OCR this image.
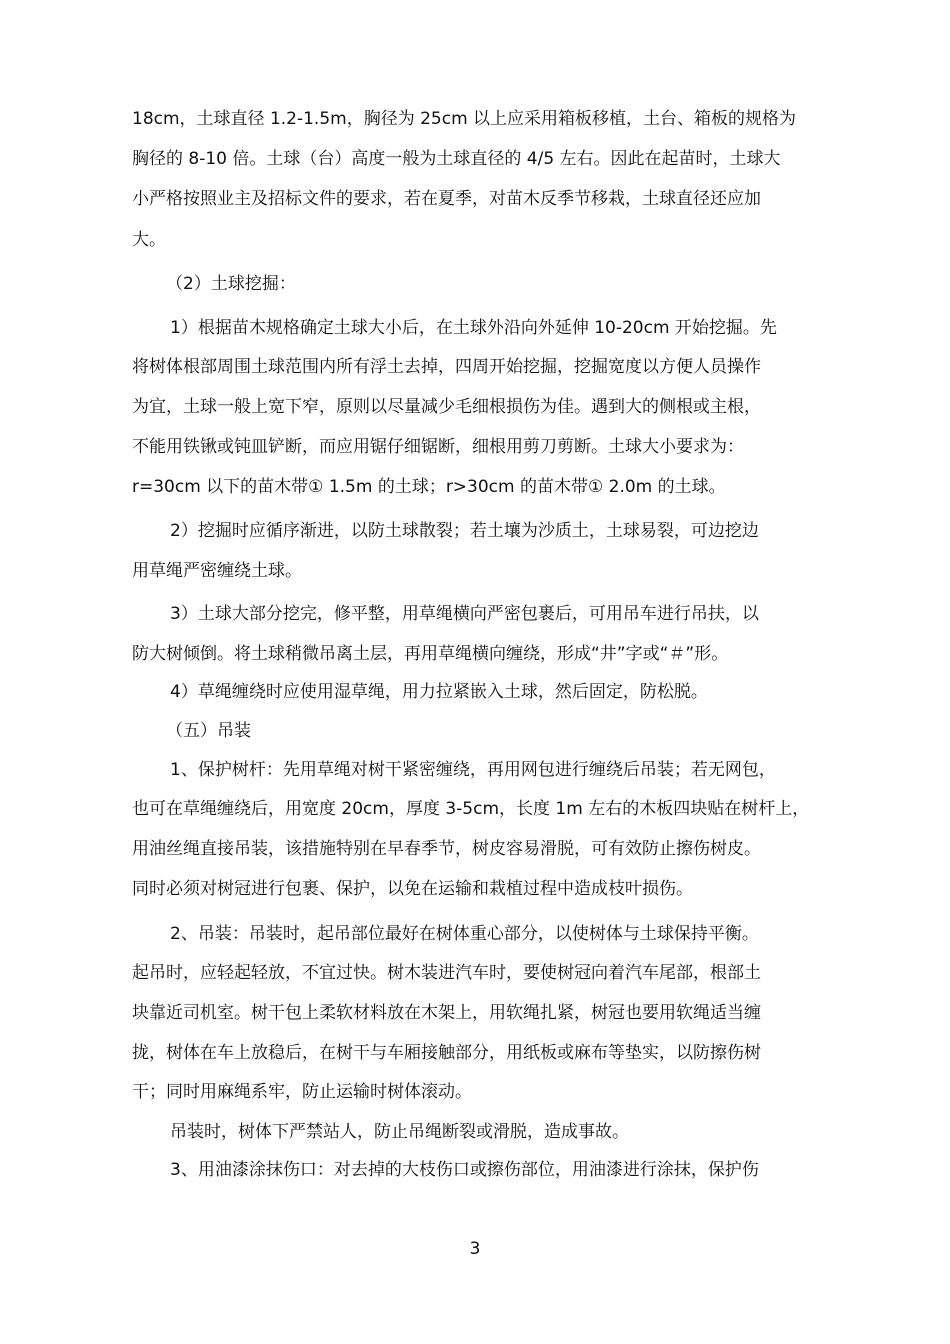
18cm，土球直径 1.2-1.5m，胸径为 25cm 以上应采用箱板移植，土台、箱板的规格为
胸径的 8-10 倍。土球（台）高度一般为土球直径的 4/5 左右。因此在起苗时，土球大
小严格按照业主及招标文件的要求，若在夏季，对苗木反季节移栽，土球直径还应加
大。
（2）土球挖掘：
1）根据苗木规格确定土球大小后，在土球外沿向外延伸 10-20cm 开始挖掘。先
将树体根部周围土球范围内所有浮土去掉，四周开始挖掘，挖掘宽度以方便人员操作
为宜，土球一般上宽下窄，原则以尽量减少毛细根损伤为佳。遇到大的侧根或主根，
不能用铁锹或钝皿铲断，而应用锯仔细锯断，细根用剪刀剪断。土球大小要求为：
r=30cm 以下的苗木带① 1.5m 的土球；r>30cm 的苗木带① 2.0m 的土球。
2）挖掘时应循序渐进，以防土球散裂；若土壤为沙质土，土球易裂，可边挖边
用草绳严密缠绕土球。
3）土球大部分挖完，修平整，用草绳横向严密包裹后，可用吊车进行吊扶，以
防大树倾倒。将土球稍微吊离土层，再用草绳横向缠绕，形成“井”字或“＃”形。
4）草绳缠绕时应使用湿草绳，用力拉紧嵌入土球，然后固定，防松脱。
（五）吊装
1、保护树杆：先用草绳对树干紧密缠绕，再用网包进行缠绕后吊装；若无网包，
也可在草绳缠绕后，用宽度 20cm，厚度 3-5cm，长度 1m 左右的木板四块贴在树杆上，
用油丝绳直接吊装，该措施特别在早春季节，树皮容易滑脱，可有效防止擦伤树皮。
同时必须对树冠进行包裹、保护，以免在运输和栽植过程中造成枝叶损伤。
2、吊装：吊装时，起吊部位最好在树体重心部分，以使树体与土球保持平衡。
起吊时，应轻起轻放，不宜过快。树木装进汽车时，要使树冠向着汽车尾部，根部土
块靠近司机室。树干包上柔软材料放在木架上，用软绳扎紧，树冠也要用软绳适当缠
拢，树体在车上放稳后，在树干与车厢接触部分，用纸板或麻布等垫实，以防擦伤树
干；同时用麻绳系牢，防止运输时树体滚动。
吊装时，树体下严禁站人，防止吊绳断裂或滑脱，造成事故。
3、用油漆涂抹伤口：对去掉的大枝伤口或擦伤部位，用油漆进行涂抹，保护伤
3
